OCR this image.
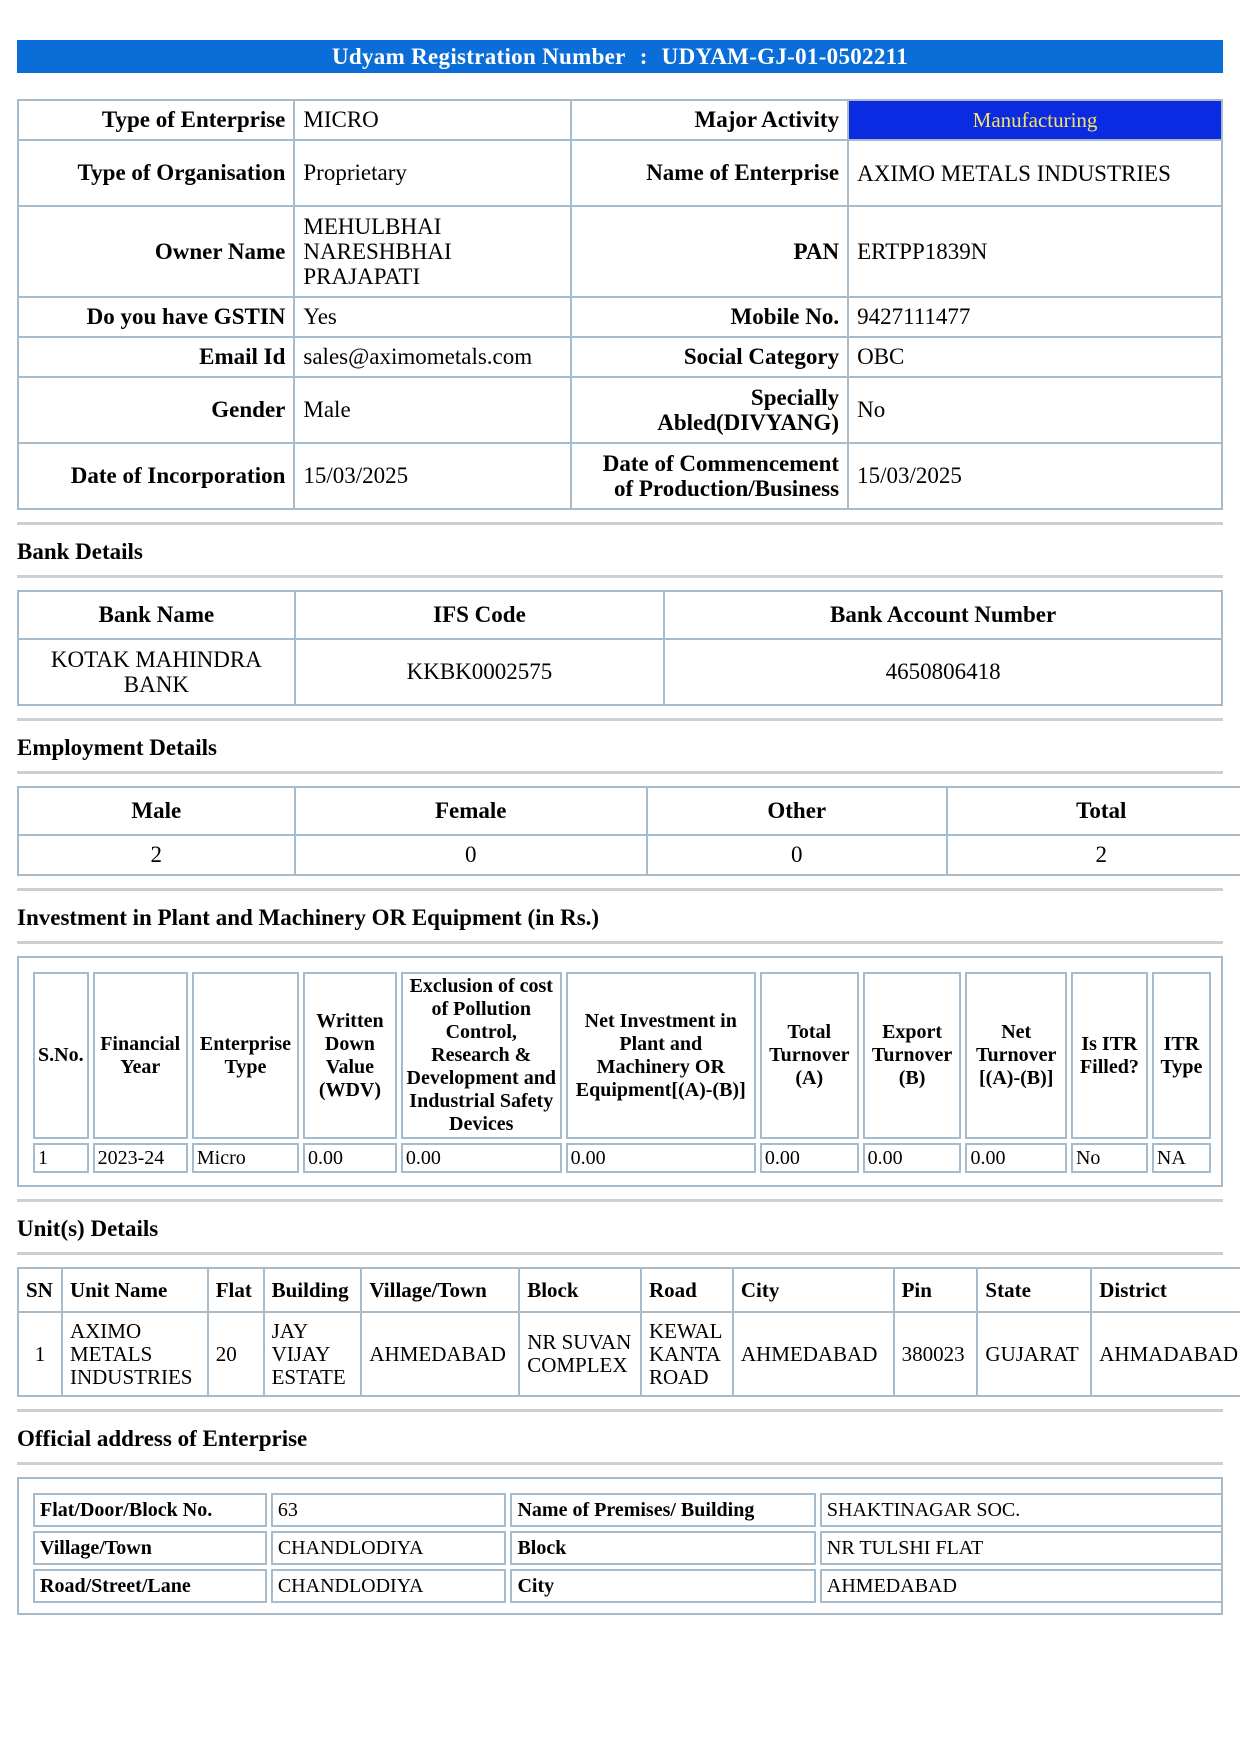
Udyam Registration Number : UDYAM-GJ-01-0502211
Type of Enterprise	MICRO	Major Activity	Manufacturing
Type of Organisation	Proprietary	Name of Enterprise	AXIMO METALS INDUSTRIES
Owner Name	MEHULBHAI NARESHBHAI PRAJAPATI	PAN	ERTPP1839N
Do you have GSTIN	Yes	Mobile No.	9427111477
Email Id	sales@aximometals.com	Social Category	OBC
Gender	Male	Specially Abled(DIVYANG)	No
Date of Incorporation	15/03/2025	Date of Commencement of Production/Business	15/03/2025
Bank Details
Bank Name	IFS Code	Bank Account Number
KOTAK MAHINDRA BANK	KKBK0002575	4650806418
Employment Details
Male	Female	Other	Total
2	0	0	2
Investment in Plant and Machinery OR Equipment (in Rs.)
S.No.	Financial Year	Enterprise Type	Written Down Value (WDV)	Exclusion of cost of Pollution Control, Research & Development and Industrial Safety Devices	Net Investment in Plant and Machinery OR Equipment[(A)-(B)]	Total Turnover (A)	Export Turnover (B)	Net Turnover [(A)-(B)]	Is ITR Filled?	ITR Type
1	2023-24	Micro	0.00	0.00	0.00	0.00	0.00	0.00	No	NA
Unit(s) Details
SN	Unit Name	Flat	Building	Village/Town	Block	Road	City	Pin	State	District
1	AXIMO METALS INDUSTRIES	20	JAY VIJAY ESTATE	AHMEDABAD	NR SUVAN COMPLEX	KEWAL KANTA ROAD	AHMEDABAD	380023	GUJARAT	AHMADABAD
Official address of Enterprise
Flat/Door/Block No.	63	Name of Premises/ Building	SHAKTINAGAR SOC.
Village/Town	CHANDLODIYA	Block	NR TULSHI FLAT
Road/Street/Lane	CHANDLODIYA	City	AHMEDABAD
